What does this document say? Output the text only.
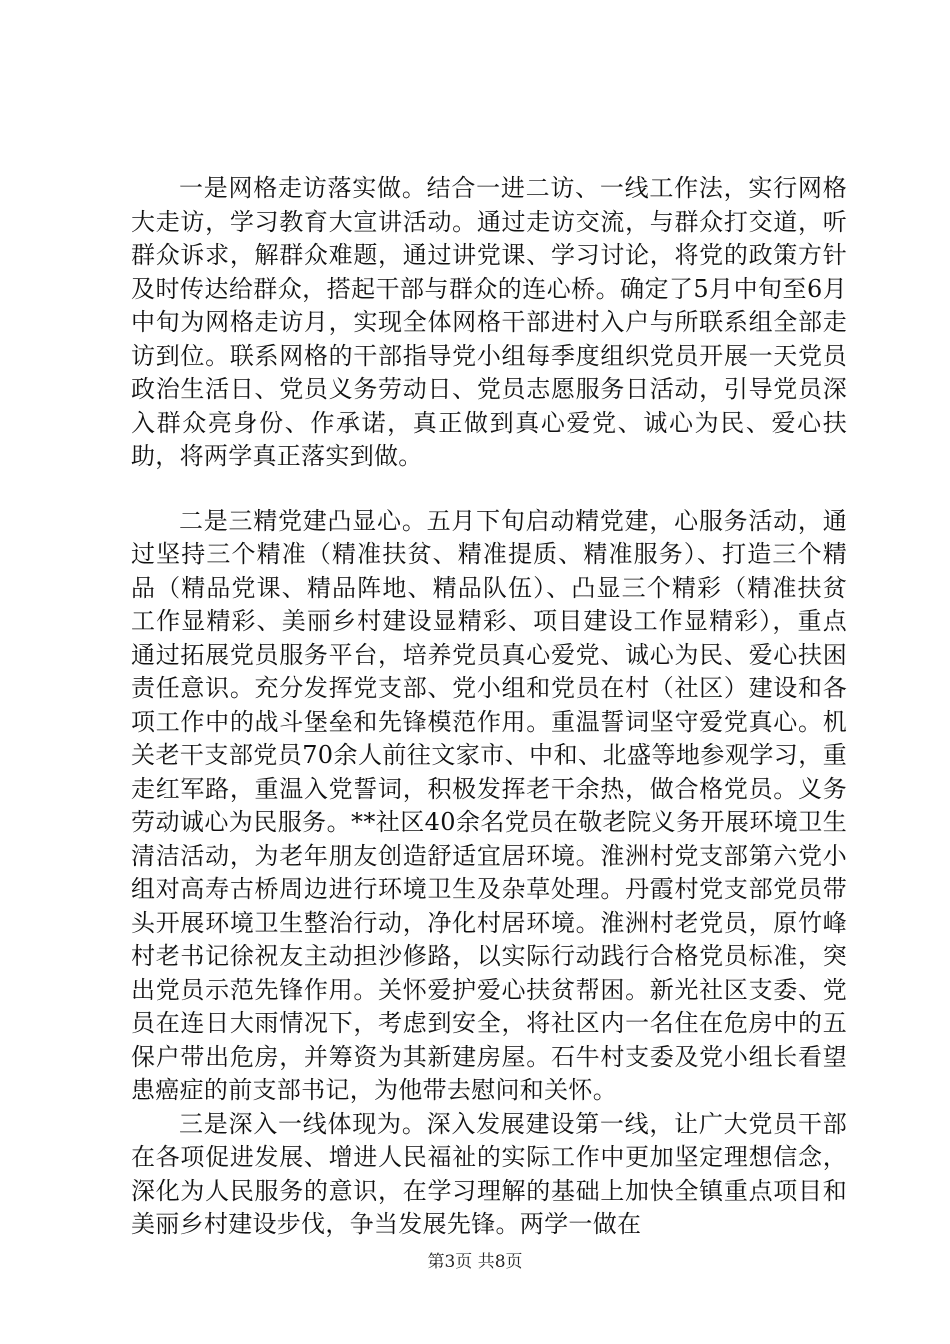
一是网格走访落实做。结合一进二访、一线工作法，实行网格大走访，学习教育大宣讲活动。通过走访交流，与群众打交道，听群众诉求，解群众难题，通过讲党课、学习讨论，将党的政策方针及时传达给群众，搭起干部与群众的连心桥。确定了5月中旬至6月中旬为网格走访月，实现全体网格干部进村入户与所联系组全部走访到位。联系网格的干部指导党小组每季度组织党员开展一天党员政治生活日、党员义务劳动日、党员志愿服务日活动，引导党员深入群众亮身份、作承诺，真正做到真心爱党、诚心为民、爱心扶助，将两学真正落实到做。

二是三精党建凸显心。五月下旬启动精党建，心服务活动，通过坚持三个精准（精准扶贫、精准提质、精准服务）、打造三个精品（精品党课、精品阵地、精品队伍）、凸显三个精彩（精准扶贫工作显精彩、美丽乡村建设显精彩、项目建设工作显精彩），重点通过拓展党员服务平台，培养党员真心爱党、诚心为民、爱心扶困责任意识。充分发挥党支部、党小组和党员在村（社区）建设和各项工作中的战斗堡垒和先锋模范作用。重温誓词坚守爱党真心。机关老干支部党员70余人前往文家市、中和、北盛等地参观学习，重走红军路，重温入党誓词，积极发挥老干余热，做合格党员。义务劳动诚心为民服务。**社区40余名党员在敬老院义务开展环境卫生清洁活动，为老年朋友创造舒适宜居环境。淮洲村党支部第六党小组对高寿古桥周边进行环境卫生及杂草处理。丹霞村党支部党员带头开展环境卫生整治行动，净化村居环境。淮洲村老党员，原竹峰村老书记徐祝友主动担沙修路，以实际行动践行合格党员标准，突出党员示范先锋作用。关怀爱护爱心扶贫帮困。新光社区支委、党员在连日大雨情况下，考虑到安全，将社区内一名住在危房中的五保户带出危房，并筹资为其新建房屋。石牛村支委及党小组长看望患癌症的前支部书记，为他带去慰问和关怀。

三是深入一线体现为。深入发展建设第一线，让广大党员干部在各项促进发展、增进人民福祉的实际工作中更加坚定理想信念，深化为人民服务的意识，在学习理解的基础上加快全镇重点项目和美丽乡村建设步伐，争当发展先锋。两学一做在

第3页 共8页
